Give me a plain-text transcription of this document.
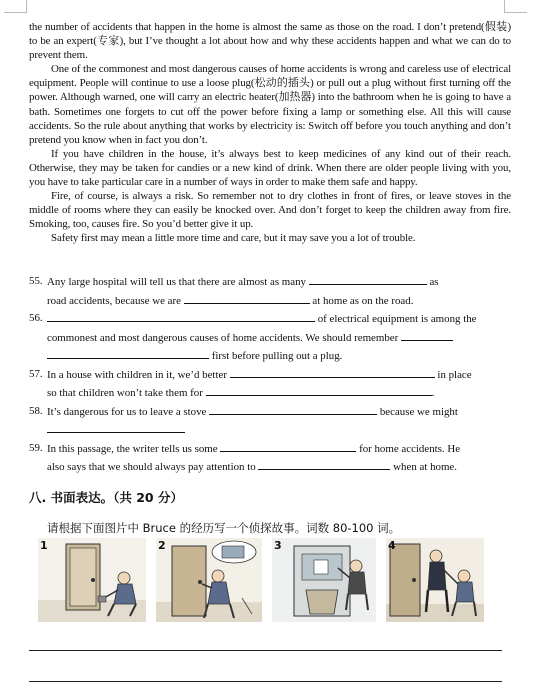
the number of accidents that happen in the home is almost the same as those on the road. I don’t pretend(假装) to be an expert(专家), but I’ve thought a lot about how and why these accidents happen and what we can do to prevent them.

One of the commonest and most dangerous causes of home accidents is wrong and careless use of electrical equipment. People will continue to use a loose plug(松动的插头) or pull out a plug without first turning off the power. Although warned, one will carry an electric heater(加热器) into the bathroom when he is going to have a bath. Sometimes one forgets to cut off the power before fixing a lamp or something else. All this will cause accidents. So the rule about anything that works by electricity is: Switch off before you touch anything and don’t pretend you know when in fact you don’t.

If you have children in the house, it’s always best to keep medicines of any kind out of their reach. Otherwise, they may be taken for candies or a new kind of drink. When there are older people living with you, you have to take particular care in a number of ways in order to make them safe and happy.

Fire, of course, is always a risk. So remember not to dry clothes in front of fires, or leave stoves in the middle of rooms where they can easily be knocked over. And don’t forget to keep the children away from fire. Smoking, too, causes fire. So you’d better give it up.

Safety first may mean a little more time and care, but it may save you a lot of trouble.

55. Any large hospital will tell us that there are almost as many	as
road accidents, because we are	at home as on the road.
56.	of electrical equipment is among the
commonest and most dangerous causes of home accidents. We should remember
first before pulling out a plug.
57. In a house with children in it, we’d better	in place
so that children won’t take them for	.
58. It’s dangerous for us to leave a stove	because we might

59. In this passage, the writer tells us some	for home accidents. He
also says that we should always pay attention to	when at home.
八. 书面表达。（共 20 分）
请根据下面图片中 Bruce 的经历写一个侦探故事。词数 80-100 词。
1	2	3	4
